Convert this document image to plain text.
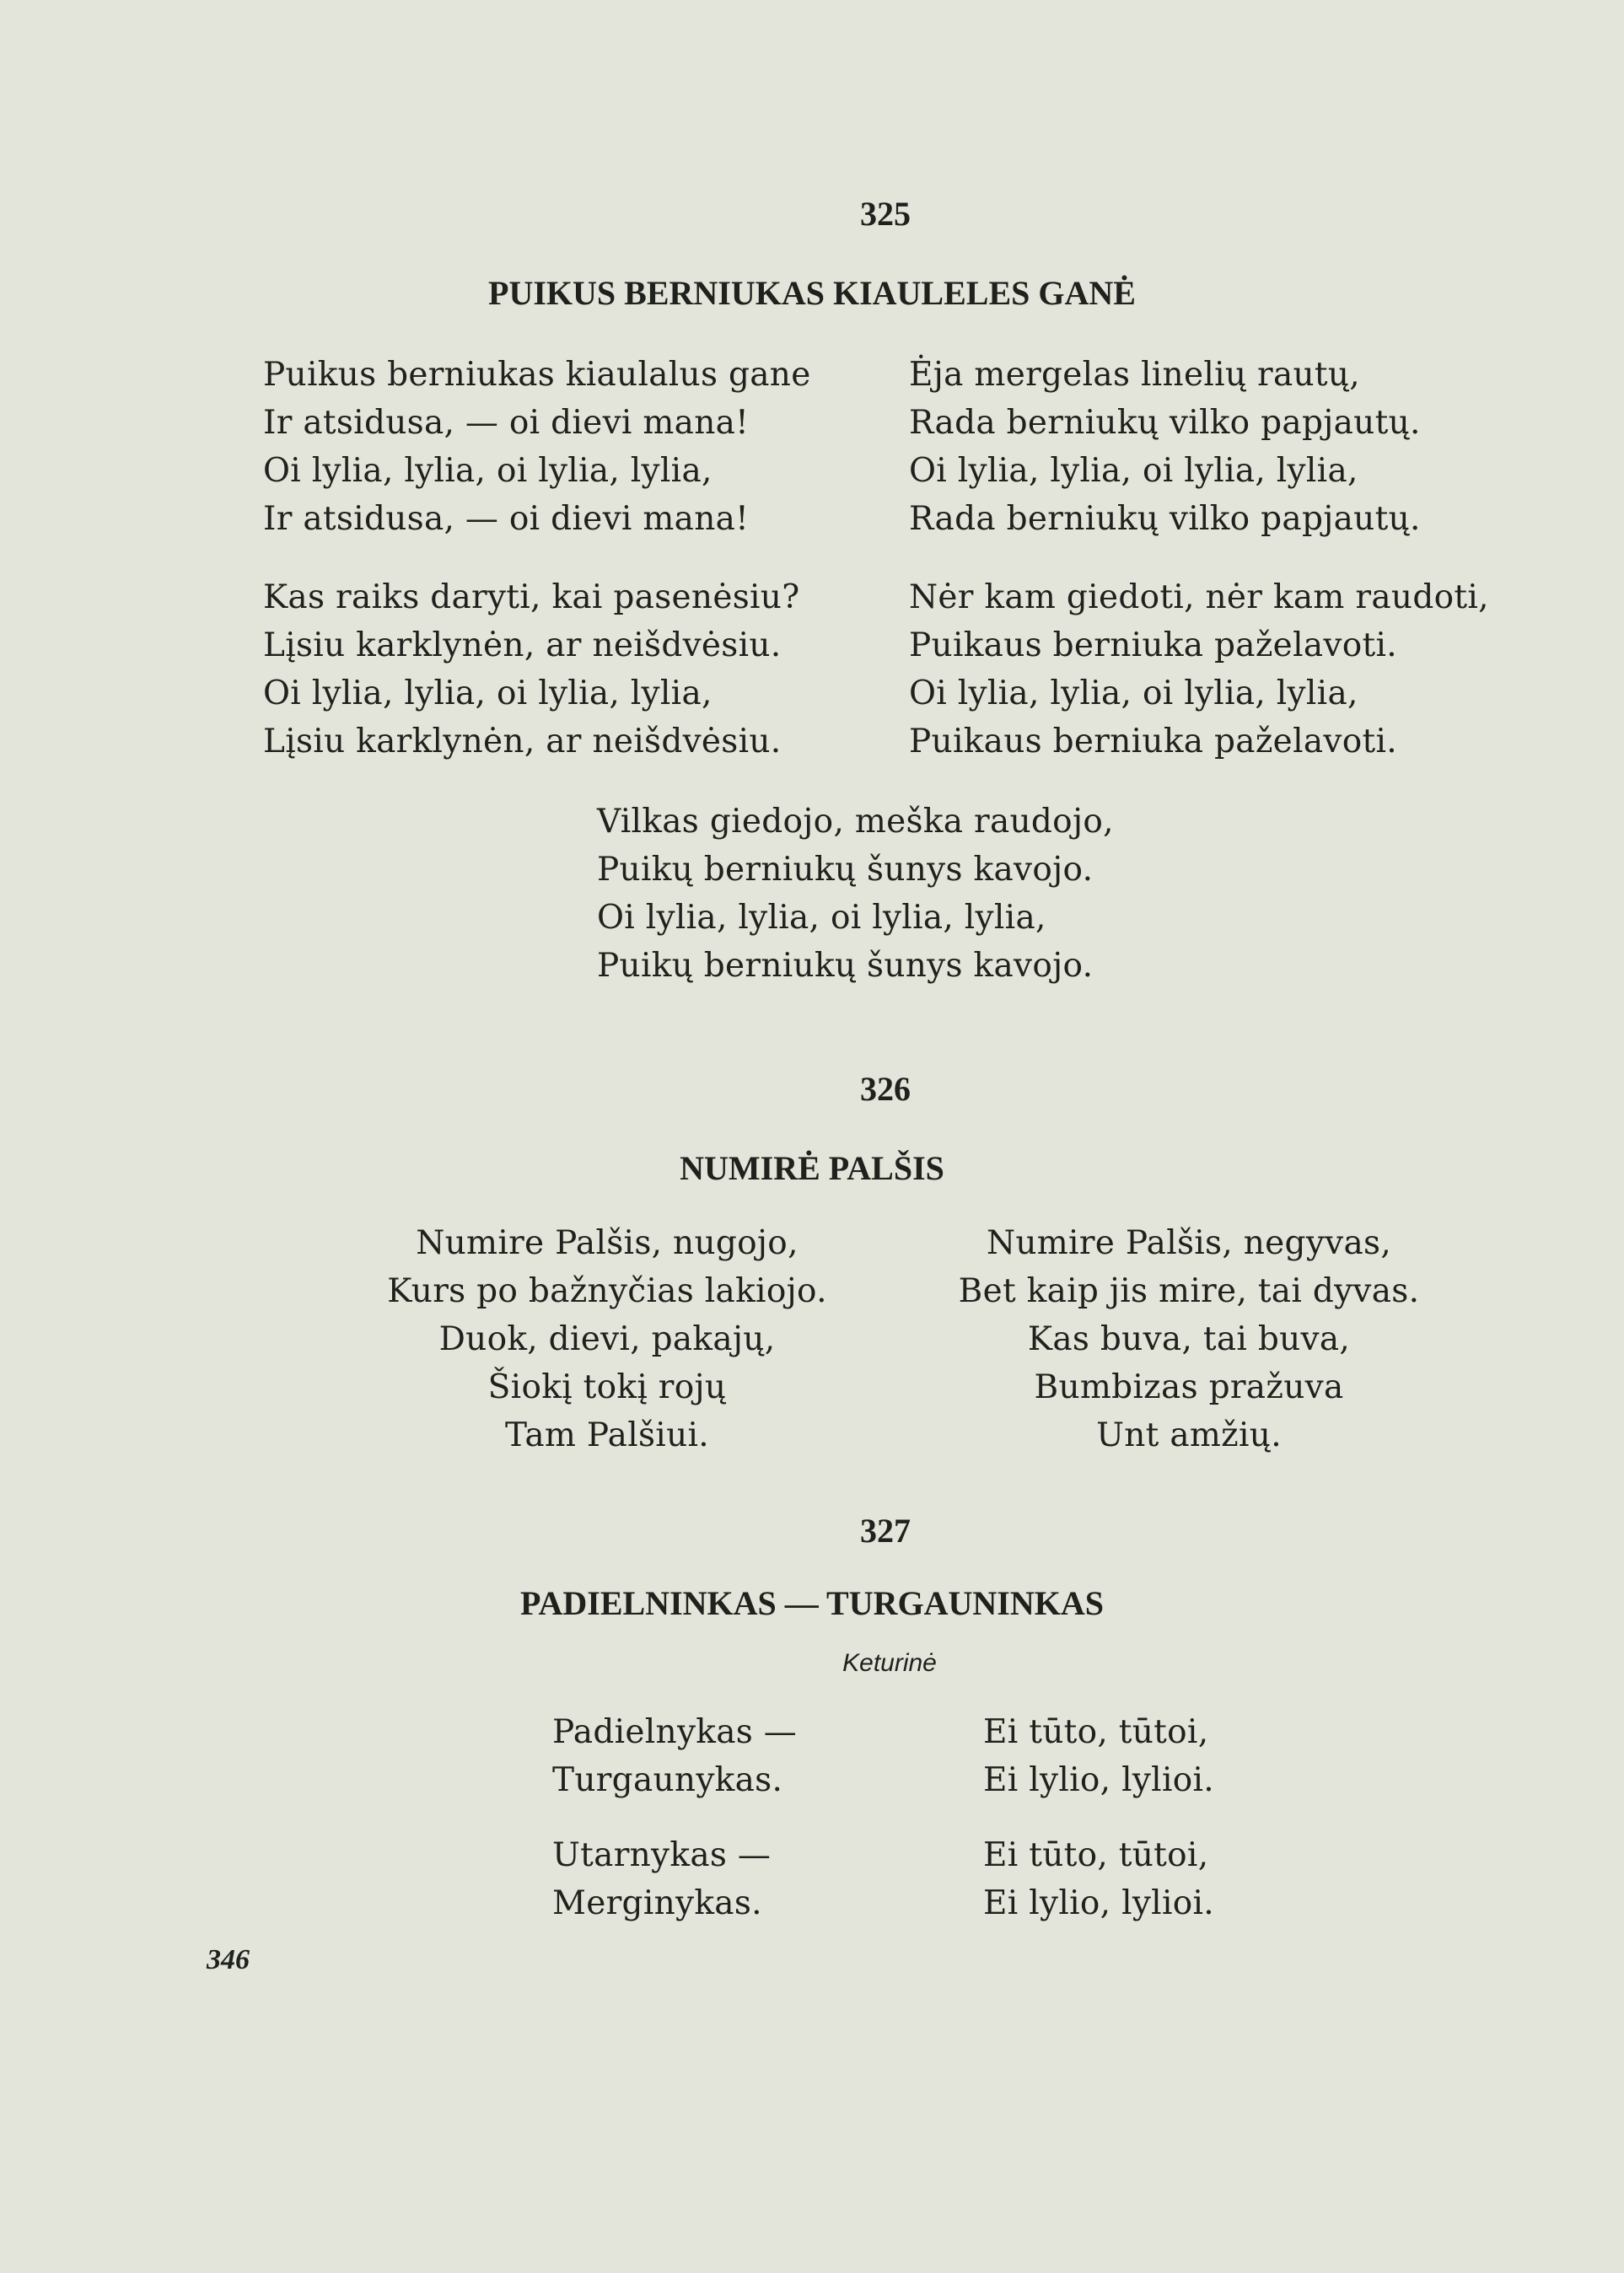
325
PUIKUS BERNIUKAS KIAULELES GANĖ
Puikus berniukas kiaulalus gane
Ir atsidusa, — oi dievi mana!
Oi lylia, lylia, oi lylia, lylia,
Ir atsidusa, — oi dievi mana!
Kas raiks daryti, kai pasenėsiu?
Lįsiu karklynėn, ar neišdvėsiu.
Oi lylia, lylia, oi lylia, lylia,
Lįsiu karklynėn, ar neišdvėsiu.
Ėja mergelas linelių rautų,
Rada berniukų vilko papjautų.
Oi lylia, lylia, oi lylia, lylia,
Rada berniukų vilko papjautų.
Nėr kam giedoti, nėr kam raudoti,
Puikaus berniuka paželavoti.
Oi lylia, lylia, oi lylia, lylia,
Puikaus berniuka paželavoti.
Vilkas giedojo, meška raudojo,
Puikų berniukų šunys kavojo.
Oi lylia, lylia, oi lylia, lylia,
Puikų berniukų šunys kavojo.
326
NUMIRĖ PALŠIS
Numire Palšis, nugojo,
Kurs po bažnyčias lakiojo.
Duok, dievi, pakajų,
Šiokį tokį rojų
Tam Palšiui.
Numire Palšis, negyvas,
Bet kaip jis mire, tai dyvas.
Kas buva, tai buva,
Bumbizas pražuva
Unt amžių.
327
PADIELNINKAS — TURGAUNINKAS
Keturinė
Padielnykas —
Turgaunykas.
Ei tūto, tūtoi,
Ei lylio, lylioi.
Utarnykas —
Merginykas.
Ei tūto, tūtoi,
Ei lylio, lylioi.
346
